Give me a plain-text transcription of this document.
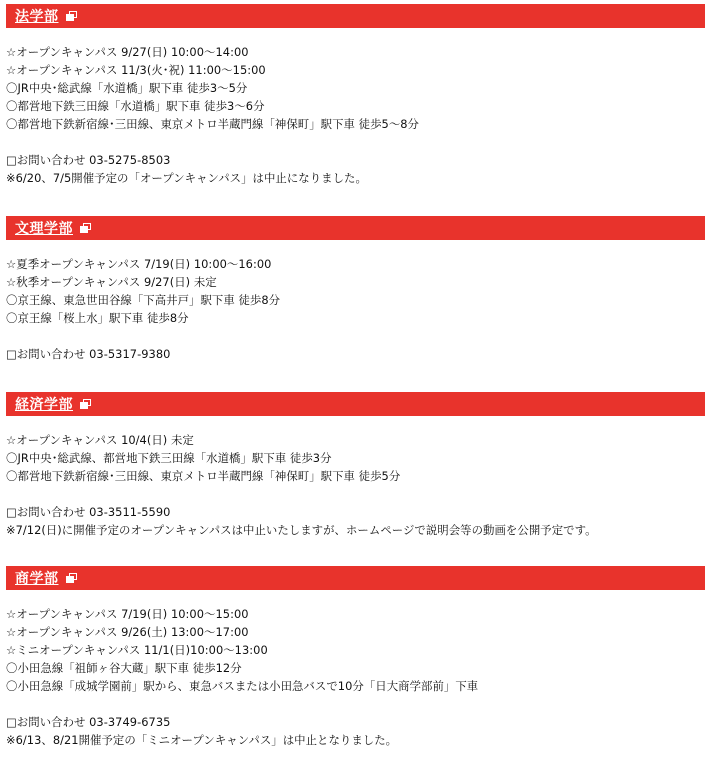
法学部
☆オープンキャンパス 9/27(日) 10:00〜14:00
☆オープンキャンパス 11/3(火･祝) 11:00〜15:00
〇JR中央･総武線「水道橋」駅下車 徒歩3〜5分
〇都営地下鉄三田線「水道橋」駅下車 徒歩3〜6分
〇都営地下鉄新宿線･三田線、東京メトロ半蔵門線「神保町」駅下車 徒歩5〜8分
□お問い合わせ 03-5275-8503
※6/20、7/5開催予定の「オープンキャンパス」は中止になりました。
文理学部
☆夏季オープンキャンパス 7/19(日) 10:00〜16:00
☆秋季オープンキャンパス 9/27(日) 未定
〇京王線、東急世田谷線「下高井戸」駅下車 徒歩8分
〇京王線「桜上水」駅下車 徒歩8分
□お問い合わせ 03-5317-9380
経済学部
☆オープンキャンパス 10/4(日) 未定
〇JR中央･総武線、都営地下鉄三田線「水道橋」駅下車 徒歩3分
〇都営地下鉄新宿線･三田線、東京メトロ半蔵門線「神保町」駅下車 徒歩5分
□お問い合わせ 03-3511-5590
※7/12(日)に開催予定のオープンキャンパスは中止いたしますが、ホームページで説明会等の動画を公開予定です。
商学部
☆オープンキャンパス 7/19(日) 10:00〜15:00
☆オープンキャンパス 9/26(土) 13:00〜17:00
☆ミニオープンキャンパス 11/1(日)10:00〜13:00
〇小田急線「祖師ヶ谷大蔵」駅下車 徒歩12分
〇小田急線「成城学園前」駅から、東急バスまたは小田急バスで10分「日大商学部前」下車
□お問い合わせ 03-3749-6735
※6/13、8/21開催予定の「ミニオープンキャンパス」は中止となりました。
